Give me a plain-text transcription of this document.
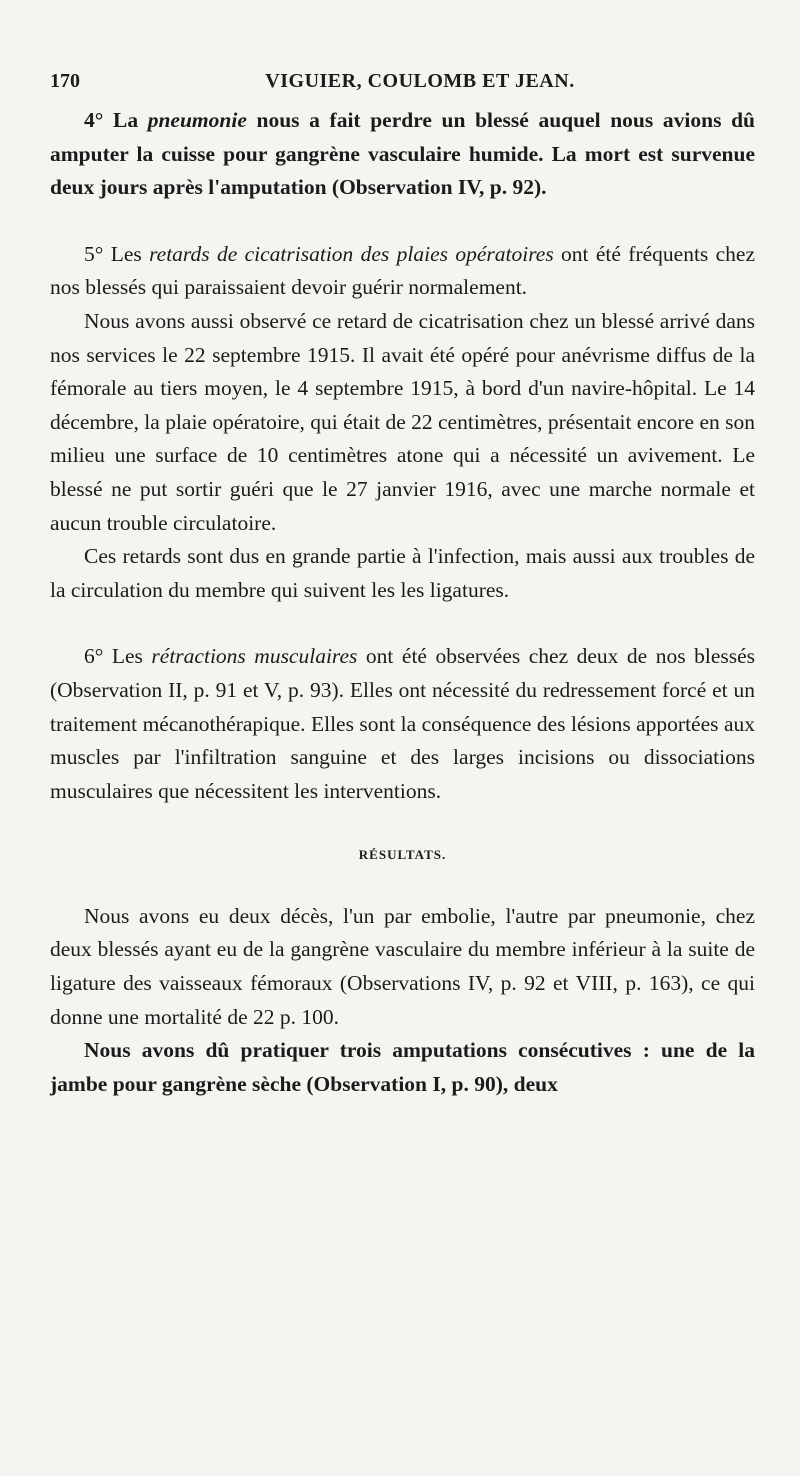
170	VIGUIER, COULOMB ET JEAN.

4° La pneumonie nous a fait perdre un blessé auquel nous avions dû amputer la cuisse pour gangrène vasculaire humide. La mort est survenue deux jours après l'amputation (Observation IV, p. 92).

5° Les retards de cicatrisation des plaies opératoires ont été fréquents chez nos blessés qui paraissaient devoir guérir normalement.

Nous avons aussi observé ce retard de cicatrisation chez un blessé arrivé dans nos services le 22 septembre 1915. Il avait été opéré pour anévrisme diffus de la fémorale au tiers moyen, le 4 septembre 1915, à bord d'un navire-hôpital. Le 14 décembre, la plaie opératoire, qui était de 22 centimètres, présentait encore en son milieu une surface de 10 centimètres atone qui a nécessité un avivement. Le blessé ne put sortir guéri que le 27 janvier 1916, avec une marche normale et aucun trouble circulatoire.

Ces retards sont dus en grande partie à l'infection, mais aussi aux troubles de la circulation du membre qui suivent les les ligatures.

6° Les rétractions musculaires ont été observées chez deux de nos blessés (Observation II, p. 91 et V, p. 93). Elles ont nécessité du redressement forcé et un traitement mécanothérapique. Elles sont la conséquence des lésions apportées aux muscles par l'infiltration sanguine et des larges incisions ou dissociations musculaires que nécessitent les interventions.

RÉSULTATS.

Nous avons eu deux décès, l'un par embolie, l'autre par pneumonie, chez deux blessés ayant eu de la gangrène vasculaire du membre inférieur à la suite de ligature des vaisseaux fémoraux (Observations IV, p. 92 et VIII, p. 163), ce qui donne une mortalité de 22 p. 100.

Nous avons dû pratiquer trois amputations consécutives : une de la jambe pour gangrène sèche (Observation I, p. 90), deux
